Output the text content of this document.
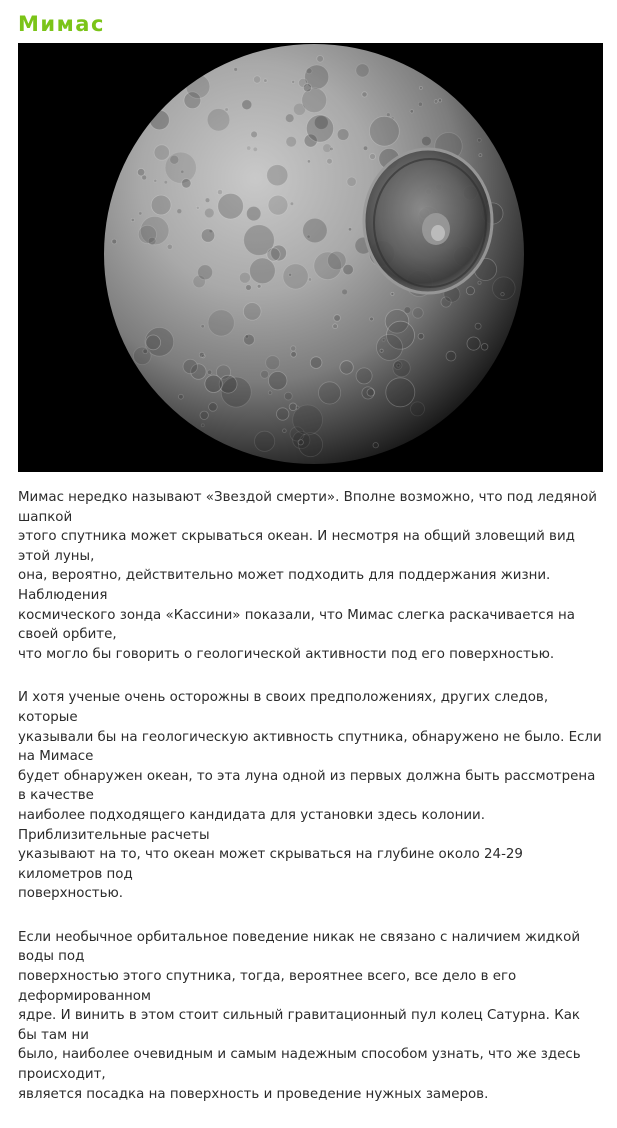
Мимас

Мимас нередко называют «Звездой смерти». Вполне возможно, что под ледяной шапкой
этого спутника может скрываться океан. И несмотря на общий зловещий вид этой луны,
она, вероятно, действительно может подходить для поддержания жизни. Наблюдения
космического зонда «Кассини» показали, что Мимас слегка раскачивается на своей орбите,
что могло бы говорить о геологической активности под его поверхностью.

И хотя ученые очень осторожны в своих предположениях, других следов, которые
указывали бы на геологическую активность спутника, обнаружено не было. Если на Мимасе
будет обнаружен океан, то эта луна одной из первых должна быть рассмотрена в качестве
наиболее подходящего кандидата для установки здесь колонии. Приблизительные расчеты
указывают на то, что океан может скрываться на глубине около 24-29 километров под
поверхностью.

Если необычное орбитальное поведение никак не связано с наличием жидкой воды под
поверхностью этого спутника, тогда, вероятнее всего, все дело в его деформированном
ядре. И винить в этом стоит сильный гравитационный пул колец Сатурна. Как бы там ни
было, наиболее очевидным и самым надежным способом узнать, что же здесь происходит,
является посадка на поверхность и проведение нужных замеров.
